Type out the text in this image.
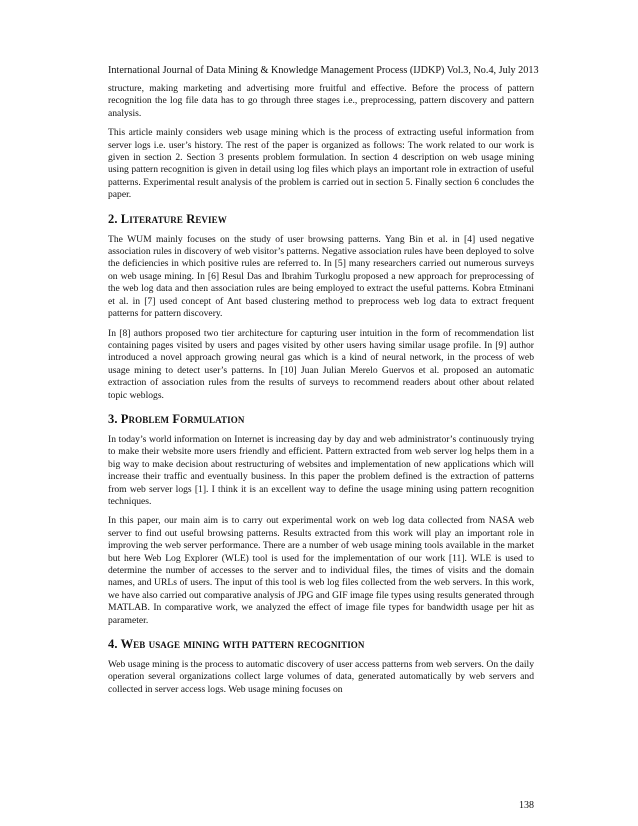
International Journal of Data Mining & Knowledge Management Process (IJDKP) Vol.3, No.4, July 2013

structure, making marketing and advertising more fruitful and effective. Before the process of pattern recognition the log file data has to go through three stages i.e., preprocessing, pattern discovery and pattern analysis.

This article mainly considers web usage mining which is the process of extracting useful information from server logs i.e. user’s history. The rest of the paper is organized as follows: The work related to our work is given in section 2. Section 3 presents problem formulation. In section 4 description on web usage mining using pattern recognition is given in detail using log files which plays an important role in extraction of useful patterns. Experimental result analysis of the problem is carried out in section 5. Finally section 6 concludes the paper.

2. Literature Review

The WUM mainly focuses on the study of user browsing patterns. Yang Bin et al. in [4] used negative association rules in discovery of web visitor’s patterns. Negative association rules have been deployed to solve the deficiencies in which positive rules are referred to. In [5] many researchers carried out numerous surveys on web usage mining. In [6] Resul Das and Ibrahim Turkoglu proposed a new approach for preprocessing of the web log data and then association rules are being employed to extract the useful patterns. Kobra Etminani et al. in [7] used concept of Ant based clustering method to preprocess web log data to extract frequent patterns for pattern discovery.

In [8] authors proposed two tier architecture for capturing user intuition in the form of recommendation list containing pages visited by users and pages visited by other users having similar usage profile. In [9] author introduced a novel approach growing neural gas which is a kind of neural network, in the process of web usage mining to detect user’s patterns. In [10] Juan Julian Merelo Guervos et al. proposed an automatic extraction of association rules from the results of surveys to recommend readers about other about related topic weblogs.

3. Problem Formulation

In today’s world information on Internet is increasing day by day and web administrator’s continuously trying to make their website more users friendly and efficient. Pattern extracted from web server log helps them in a big way to make decision about restructuring of websites and implementation of new applications which will increase their traffic and eventually business. In this paper the problem defined is the extraction of patterns from web server logs [1]. I think it is an excellent way to define the usage mining using pattern recognition techniques.

In this paper, our main aim is to carry out experimental work on web log data collected from NASA web server to find out useful browsing patterns. Results extracted from this work will play an important role in improving the web server performance. There are a number of web usage mining tools available in the market but here Web Log Explorer (WLE) tool is used for the implementation of our work [11]. WLE is used to determine the number of accesses to the server and to individual files, the times of visits and the domain names, and URLs of users. The input of this tool is web log files collected from the web servers. In this work, we have also carried out comparative analysis of JPG and GIF image file types using results generated through MATLAB. In comparative work, we analyzed the effect of image file types for bandwidth usage per hit as parameter.

4. Web usage mining with pattern recognition

Web usage mining is the process to automatic discovery of user access patterns from web servers. On the daily operation several organizations collect large volumes of data, generated automatically by web servers and collected in server access logs. Web usage mining focuses on

138
